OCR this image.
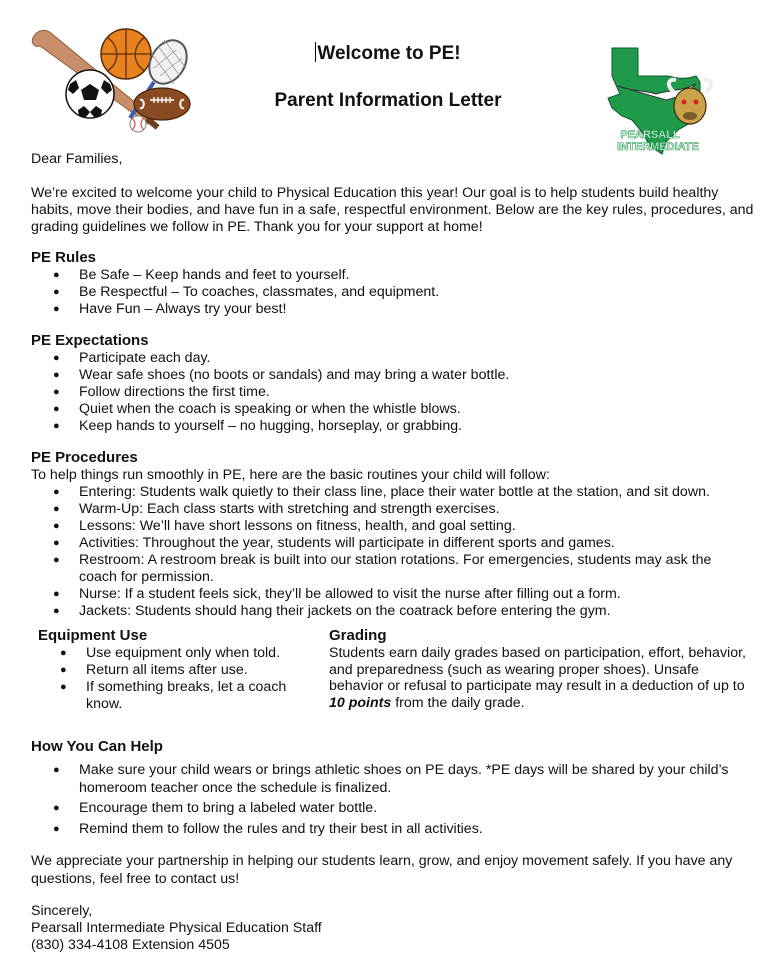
Welcome to PE!
Parent Information Letter
PEARSALL
INTERMEDIATE

Dear Families,

We’re excited to welcome your child to Physical Education this year! Our goal is to help students build healthy habits, move their bodies, and have fun in a safe, respectful environment. Below are the key rules, procedures, and grading guidelines we follow in PE. Thank you for your support at home!

PE Rules
● Be Safe – Keep hands and feet to yourself.
● Be Respectful – To coaches, classmates, and equipment.
● Have Fun – Always try your best!
PE Expectations
● Participate each day.
● Wear safe shoes (no boots or sandals) and may bring a water bottle.
● Follow directions the first time.
● Quiet when the coach is speaking or when the whistle blows.
● Keep hands to yourself – no hugging, horseplay, or grabbing.
PE Procedures

To help things run smoothly in PE, here are the basic routines your child will follow:

● Entering: Students walk quietly to their class line, place their water bottle at the station, and sit down.
● Warm-Up: Each class starts with stretching and strength exercises.
● Lessons: We’ll have short lessons on fitness, health, and goal setting.
● Activities: Throughout the year, students will participate in different sports and games.
● Restroom: A restroom break is built into our station rotations. For emergencies, students may ask the coach for permission.
● Nurse: If a student feels sick, they’ll be allowed to visit the nurse after filling out a form.
● Jackets: Students should hang their jackets on the coatrack before entering the gym.
Equipment Use
● Use equipment only when told.
● Return all items after use.
● If something breaks, let a coach know.
Grading

Students earn daily grades based on participation, effort, behavior, and preparedness (such as wearing proper shoes). Unsafe behavior or refusal to participate may result in a deduction of up to 10 points from the daily grade.

How You Can Help
● Make sure your child wears or brings athletic shoes on PE days. *PE days will be shared by your child’s homeroom teacher once the schedule is finalized.
● Encourage them to bring a labeled water bottle.
● Remind them to follow the rules and try their best in all activities.

We appreciate your partnership in helping our students learn, grow, and enjoy movement safely. If you have any questions, feel free to contact us!

Sincerely,

Pearsall Intermediate Physical Education Staff

(830) 334-4108 Extension 4505
